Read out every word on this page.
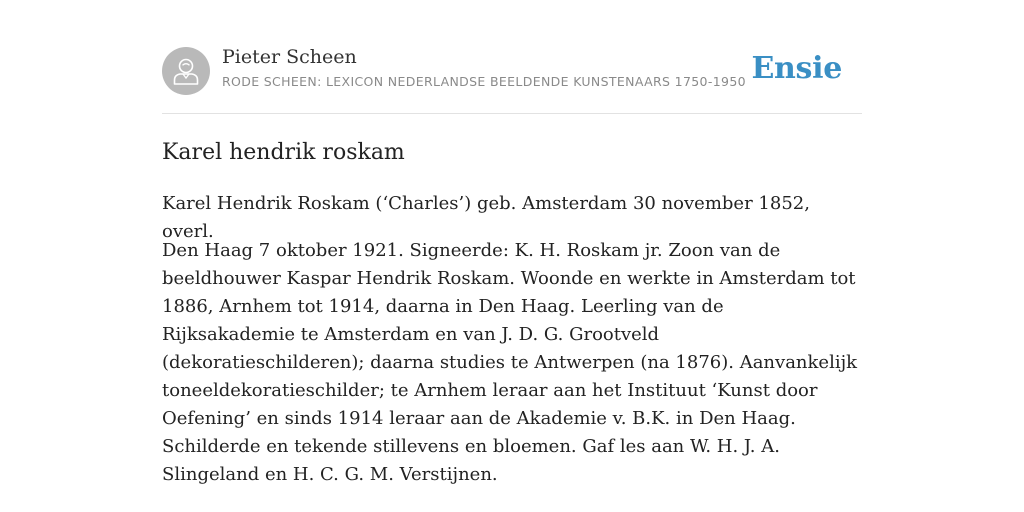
Pieter Scheen
RODE SCHEEN: LEXICON NEDERLANDSE BEELDENDE KUNSTENAARS 1750-1950 Ensie
Karel hendrik roskam

Karel Hendrik Roskam (‘Charles’) geb. Amsterdam 30 november 1852, overl.

Den Haag 7 oktober 1921. Signeerde: K. H. Roskam jr. Zoon van de beeldhouwer Kaspar Hendrik Roskam. Woonde en werkte in Amsterdam tot 1886, Arnhem tot 1914, daarna in Den Haag. Leerling van de Rijksakademie te Amsterdam en van J. D. G. Grootveld (dekoratieschilderen); daarna studies te Antwerpen (na 1876). Aanvankelijk toneeldekoratieschilder; te Arnhem leraar aan het Instituut ‘Kunst door Oefening’ en sinds 1914 leraar aan de Akademie v. B.K. in Den Haag.

Schilderde en tekende stillevens en bloemen. Gaf les aan W. H. J. A. Slingeland en H. C. G. M. Verstijnen.
